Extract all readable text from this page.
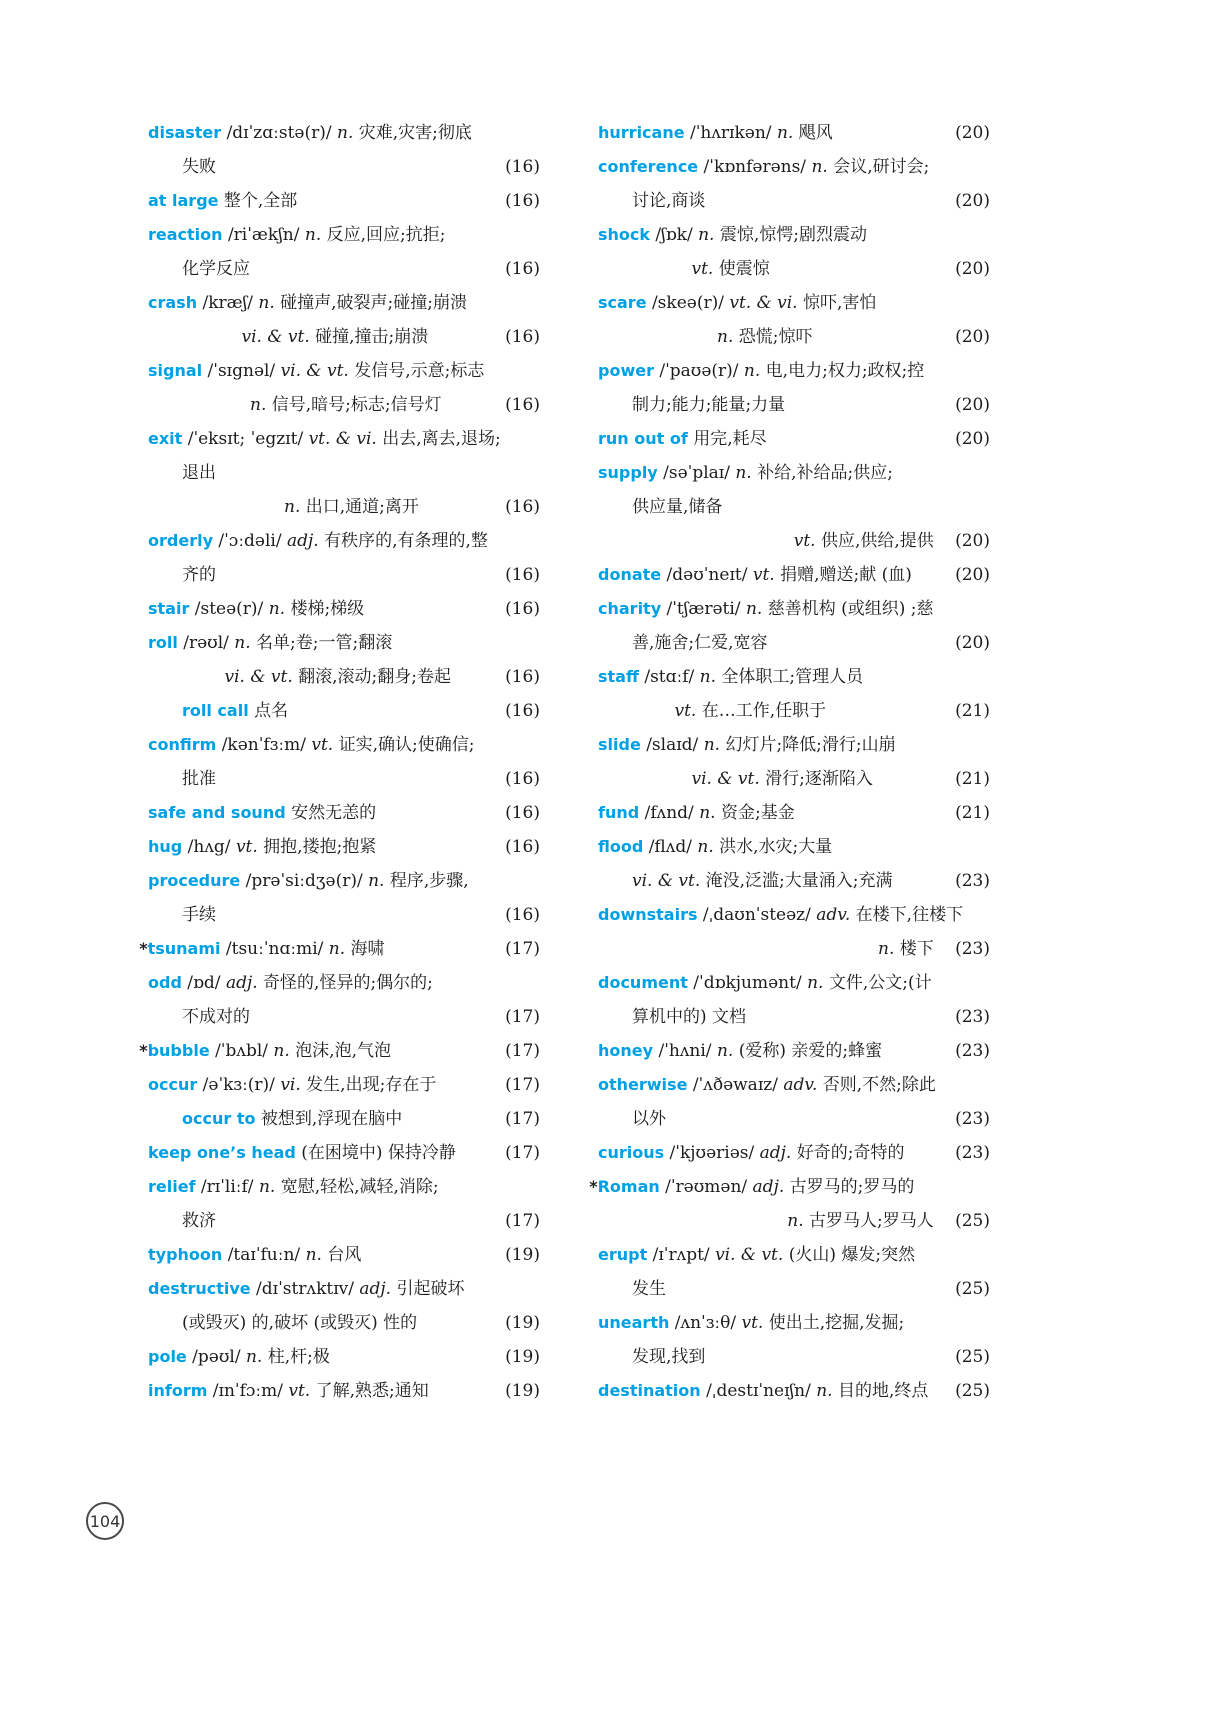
disaster /dɪˈzɑːstə(r)/ n. 灾难,灾害;彻底
失败	(16)
at large 整个,全部	(16)
reaction /riˈækʃn/ n. 反应,回应;抗拒;
化学反应	(16)
crash /kræʃ/ n. 碰撞声,破裂声;碰撞;崩溃
vi. & vt. 碰撞,撞击;崩溃	(16)
signal /ˈsɪgnəl/ vi. & vt. 发信号,示意;标志
n. 信号,暗号;标志;信号灯	(16)
exit /ˈeksɪt; ˈegzɪt/ vt. & vi. 出去,离去,退场;
退出
n. 出口,通道;离开	(16)
orderly /ˈɔːdəli/ adj. 有秩序的,有条理的,整
齐的	(16)
stair /steə(r)/ n. 楼梯;梯级	(16)
roll /rəʊl/ n. 名单;卷;一管;翻滚
vi. & vt. 翻滚,滚动;翻身;卷起	(16)
roll call 点名	(16)
confirm /kənˈfɜːm/ vt. 证实,确认;使确信;
批准	(16)
safe and sound 安然无恙的	(16)
hug /hʌg/ vt. 拥抱,搂抱;抱紧	(16)
procedure /prəˈsiːdʒə(r)/ n. 程序,步骤,
手续	(16)
*tsunami /tsuːˈnɑːmi/ n. 海啸	(17)
odd /ɒd/ adj. 奇怪的,怪异的;偶尔的;
不成对的	(17)
*bubble /ˈbʌbl/ n. 泡沫,泡,气泡	(17)
occur /əˈkɜː(r)/ vi. 发生,出现;存在于	(17)
occur to 被想到,浮现在脑中	(17)
keep one’s head (在困境中) 保持冷静	(17)
relief /rɪˈliːf/ n. 宽慰,轻松,减轻,消除;
救济	(17)
typhoon /taɪˈfuːn/ n. 台风	(19)
destructive /dɪˈstrʌktɪv/ adj. 引起破坏
(或毁灭) 的,破坏 (或毁灭) 性的	(19)
pole /pəʊl/ n. 柱,杆;极	(19)
inform /ɪnˈfɔːm/ vt. 了解,熟悉;通知	(19)
hurricane /ˈhʌrɪkən/ n. 飓风	(20)
conference /ˈkɒnfərəns/ n. 会议,研讨会;
讨论,商谈	(20)
shock /ʃɒk/ n. 震惊,惊愕;剧烈震动
vt. 使震惊	(20)
scare /skeə(r)/ vt. & vi. 惊吓,害怕
n. 恐慌;惊吓	(20)
power /ˈpaʊə(r)/ n. 电,电力;权力;政权;控
制力;能力;能量;力量	(20)
run out of 用完,耗尽	(20)
supply /səˈplaɪ/ n. 补给,补给品;供应;
供应量,储备
vt. 供应,供给,提供	(20)
donate /dəʊˈneɪt/ vt. 捐赠,赠送;献 (血)	(20)
charity /ˈtʃærəti/ n. 慈善机构 (或组织) ;慈
善,施舍;仁爱,宽容	(20)
staff /stɑːf/ n. 全体职工;管理人员
vt. 在…工作,任职于	(21)
slide /slaɪd/ n. 幻灯片;降低;滑行;山崩
vi. & vt. 滑行;逐渐陷入	(21)
fund /fʌnd/ n. 资金;基金	(21)
flood /flʌd/ n. 洪水,水灾;大量
vi. & vt. 淹没,泛滥;大量涌入;充满	(23)
downstairs /ˌdaʊnˈsteəz/ adv. 在楼下,往楼下
n. 楼下	(23)
document /ˈdɒkjumənt/ n. 文件,公文;(计
算机中的) 文档	(23)
honey /ˈhʌni/ n. (爱称) 亲爱的;蜂蜜	(23)
otherwise /ˈʌðəwaɪz/ adv. 否则,不然;除此
以外	(23)
curious /ˈkjʊəriəs/ adj. 好奇的;奇特的	(23)
*Roman /ˈrəʊmən/ adj. 古罗马的;罗马的
n. 古罗马人;罗马人	(25)
erupt /ɪˈrʌpt/ vi. & vt. (火山) 爆发;突然
发生	(25)
unearth /ʌnˈɜːθ/ vt. 使出土,挖掘,发掘;
发现,找到	(25)
destination /ˌdestɪˈneɪʃn/ n. 目的地,终点	(25)
104
